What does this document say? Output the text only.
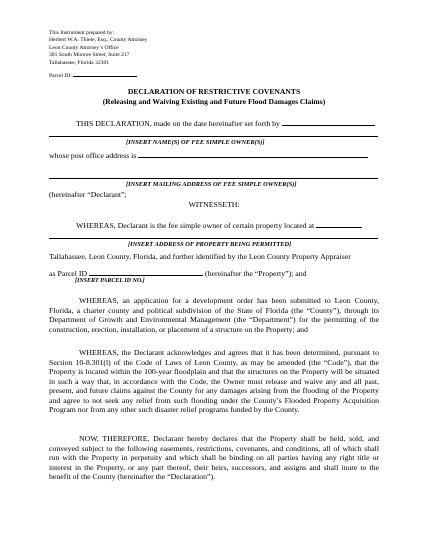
This Instrument prepared by:
Herbert W.A. Thiele, Esq., County Attorney
Leon County Attorney’s Office
301 South Monroe Street, Suite 217
Tallahassee, Florida 32301
Parcel ID:
DECLARATION OF RESTRICTIVE COVENANTS
(Releasing and Waiving Existing and Future Flood Damages Claims)
THIS DECLARATION, made on the date hereinafter set forth by
[INSERT NAME(S) OF FEE SIMPLE OWNER(S)]
whose post office address is
[INSERT MAILING ADDRESS OF FEE SIMPLE OWNER(S)]
(hereinafter “Declarant”;
WITNESSETH:
WHEREAS, Declarant is the fee simple owner of certain property located at
[INSERT ADDRESS OF PROPERTY BEING PERMITTED]
Tallahassee, Leon County, Florida, and further identified by the Leon County Property Appraiser
as Parcel ID	(hereinafter the “Property”); and
[INSERT PARCEL ID NO.]
WHEREAS, an application for a development order has been submitted to Leon County, Florida, a charter county and political subdivision of the State of Florida (the “County”), through its Department of Growth and Environmental Management (the “Department”) for the permitting of the construction, erection, installation, or placement of a structure on the Property; and
WHEREAS, the Declarant acknowledges and agrees that it has been determined, pursuant to Section 10-8.301(l) of the Code of Laws of Leon County, as may be amended (the “Code”), that the Property is located within the 100-year floodplain and that the structures on the Property will be situated in such a way that, in accordance with the Code, the Owner must release and waive any and all past, present, and future claims against the County for any damages arising from the flooding of the Property and agree to not seek any relief from such flooding under the County’s Flooded Property Acquisition Program nor from any other such disaster relief programs funded by the County.
NOW, THEREFORE, Declarant hereby declares that the Property shall be held, sold, and conveyed subject to the following easements, restrictions, covenants, and conditions, all of which shall run with the Property in perpetuity and which shall be binding on all parties having any right title or interest in the Property, or any part thereof, their heirs, successors, and assigns and shall inure to the benefit of the County (hereinafter the “Declaration”).
